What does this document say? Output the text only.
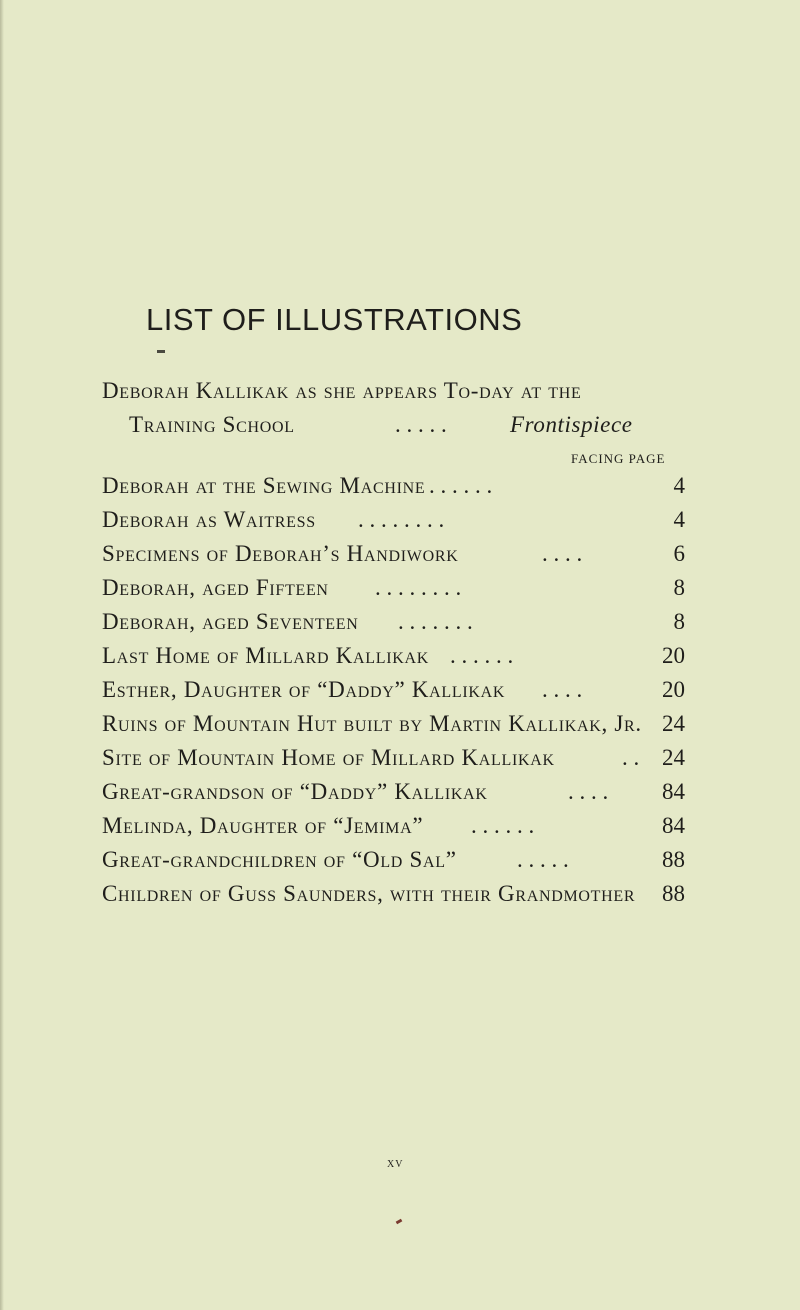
LIST OF ILLUSTRATIONS
Deborah Kallikak as she appears To-day at the
Training School	. . . . .	Frontispiece
FACING PAGE
Deborah at the Sewing Machine . . . . . .	4
Deborah as Waitress . . . . . . . .	4
Specimens of Deborah’s Handiwork	. . . .	6
Deborah, aged Fifteen . . . . . . . .	8
Deborah, aged Seventeen . . . . . . .	8
Last Home of Millard Kallikak . . . . . .	20
Esther, Daughter of “Daddy” Kallikak . . . .	20
Ruins of Mountain Hut built by Martin Kallikak, Jr. 24
Site of Mountain Home of Millard Kallikak	. . 24
Great-grandson of “Daddy” Kallikak	. . . . 84
Melinda, Daughter of “Jemima” . . . . . .	84
Great-grandchildren of “Old Sal”	. . . . .	88
Children of Guss Saunders, with their Grandmother 88
xv
